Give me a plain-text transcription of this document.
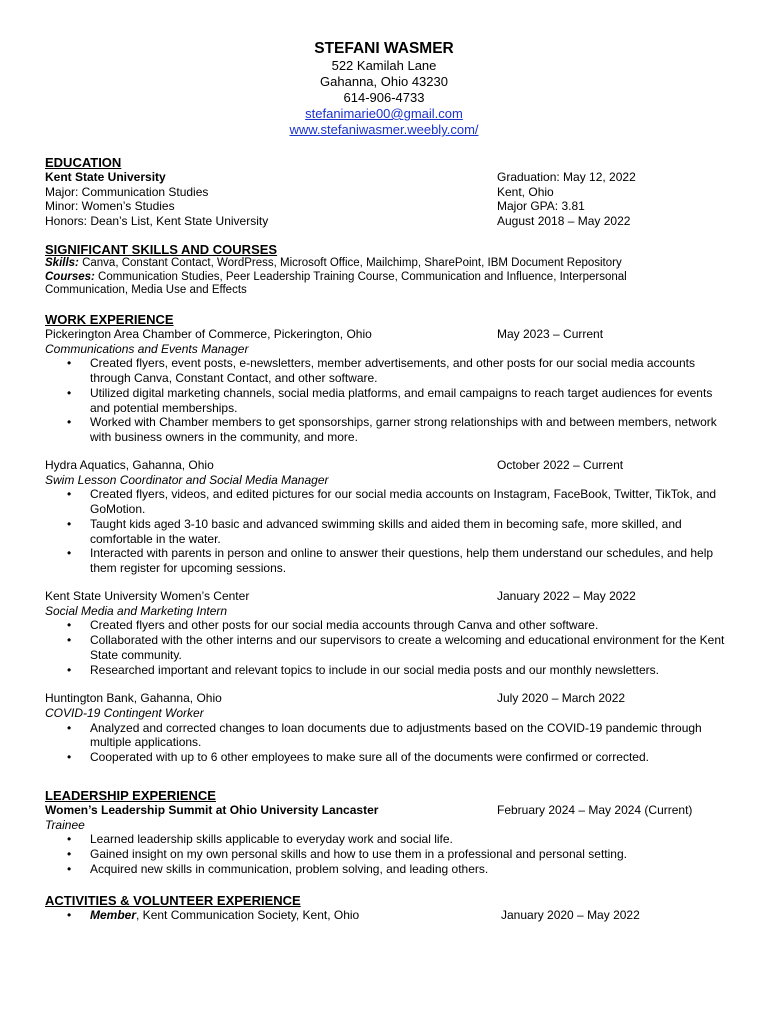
STEFANI WASMER
522 Kamilah Lane
Gahanna, Ohio 43230
614-906-4733
stefanimarie00@gmail.com
www.stefaniwasmer.weebly.com/
EDUCATION
Kent State University	Graduation: May 12, 2022
Major: Communication Studies	Kent, Ohio
Minor: Women’s Studies	Major GPA: 3.81
Honors: Dean’s List, Kent State University	August 2018 – May 2022
SIGNIFICANT SKILLS AND COURSES
Skills: Canva, Constant Contact, WordPress, Microsoft Office, Mailchimp, SharePoint, IBM Document Repository
Courses: Communication Studies, Peer Leadership Training Course, Communication and Influence, Interpersonal
Communication, Media Use and Effects
WORK EXPERIENCE
Pickerington Area Chamber of Commerce, Pickerington, Ohio	May 2023 – Current
Communications and Events Manager
• Created flyers, event posts, e-newsletters, member advertisements, and other posts for our social media accounts through Canva, Constant Contact, and other software.
• Utilized digital marketing channels, social media platforms, and email campaigns to reach target audiences for events and potential memberships.
• Worked with Chamber members to get sponsorships, garner strong relationships with and between members, network with business owners in the community, and more.
Hydra Aquatics, Gahanna, Ohio	October 2022 – Current
Swim Lesson Coordinator and Social Media Manager
• Created flyers, videos, and edited pictures for our social media accounts on Instagram, FaceBook, Twitter, TikTok, and GoMotion.
• Taught kids aged 3-10 basic and advanced swimming skills and aided them in becoming safe, more skilled, and comfortable in the water.
• Interacted with parents in person and online to answer their questions, help them understand our schedules, and help them register for upcoming sessions.
Kent State University Women’s Center	January 2022 – May 2022
Social Media and Marketing Intern
• Created flyers and other posts for our social media accounts through Canva and other software.
• Collaborated with the other interns and our supervisors to create a welcoming and educational environment for the Kent State community.
• Researched important and relevant topics to include in our social media posts and our monthly newsletters.
Huntington Bank, Gahanna, Ohio	July 2020 – March 2022
COVID-19 Contingent Worker
• Analyzed and corrected changes to loan documents due to adjustments based on the COVID-19 pandemic through multiple applications.
• Cooperated with up to 6 other employees to make sure all of the documents were confirmed or corrected.
LEADERSHIP EXPERIENCE
Women’s Leadership Summit at Ohio University Lancaster	February 2024 – May 2024 (Current)
Trainee
• Learned leadership skills applicable to everyday work and social life.
• Gained insight on my own personal skills and how to use them in a professional and personal setting.
• Acquired new skills in communication, problem solving, and leading others.
ACTIVITIES & VOLUNTEER EXPERIENCE
• Member, Kent Communication Society, Kent, Ohio	January 2020 – May 2022
